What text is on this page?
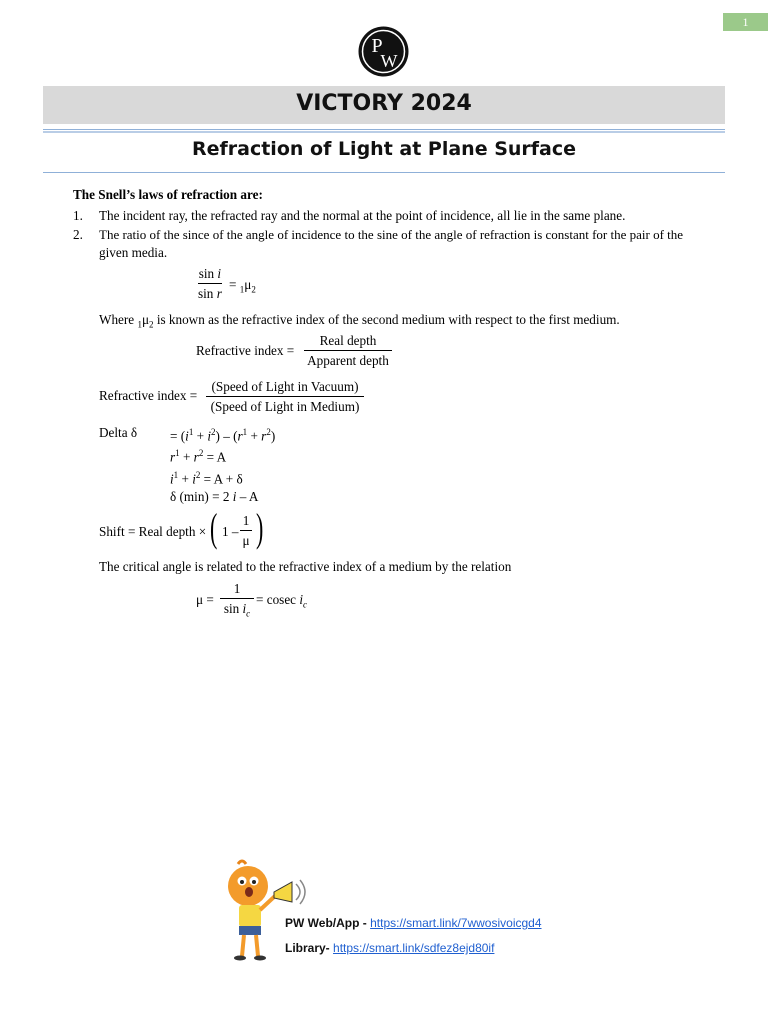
1
P
W
VICTORY 2024
Refraction of Light at Plane Surface
The Snell’s laws of refraction are:
1. The incident ray, the refracted ray and the normal at the point of incidence, all lie in the same plane.
2. The ratio of the since of the angle of incidence to the sine of the angle of refraction is constant for the pair of the
given media.
sin i
sin r
= $_1\mu_2$
Where $_1\mu_2$ is known as the refractive index of the second medium with respect to the first medium.
Refractive index =
Real depth
Apparent depth
Refractive index =
(Speed of Light in Vacuum)
(Speed of Light in Medium)
Delta $\delta = (i^1 + i^2) - (r^1 + r^2)$
$r^1 + r^2 = A$
$i^1 + i^2 = A + \delta$
δ (min) = 2 i – A
Shift = Real depth × ( 1 –
1
μ )
The critical angle is related to the refractive index of a medium by the relation
μ =
1
$\sin i_c$
= cosec $i_c$
PW Web/App - https://smart.link/7wwosivoicgd4
Library- https://smart.link/sdfez8ejd80if
